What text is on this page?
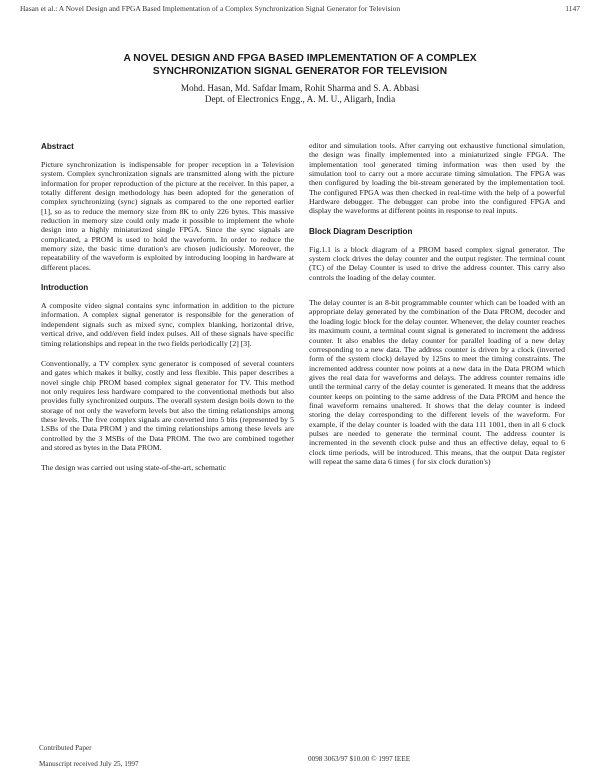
Hasan et al.: A Novel Design and FPGA Based Implementation of a Complex Synchronization Signal Generator for Television	1147
A NOVEL DESIGN AND FPGA BASED IMPLEMENTATION OF A COMPLEX
SYNCHRONIZATION SIGNAL GENERATOR FOR TELEVISION
Mohd. Hasan, Md. Safdar Imam, Rohit Sharma and S. A. Abbasi
Dept. of Electronics Engg., A. M. U., Aligarh, India
Abstract

Picture synchronization is indispensable for proper reception in a Television system. Complex synchronization signals are transmitted along with the picture information for proper reproduction of the picture at the receiver. In this paper, a totally different design methodology has been adopted for the generation of complex synchronizing (sync) signals as compared to the one reported earlier [1], so as to reduce the memory size from 8K to only 226 bytes. This massive reduction in memory size could only made it possible to implement the whole design into a highly miniaturized single FPGA. Since the sync signals are complicated, a PROM is used to hold the waveform. In order to reduce the memory size, the basic time duration's are chosen judiciously. Moreover, the repeatability of the waveform is exploited by introducing looping in hardware at different places.

Introduction

A composite video signal contains sync information in addition to the picture information. A complex signal generator is responsible for the generation of independent signals such as mixed sync, complex blanking, horizontal drive, vertical drive, and odd/even field index pulses. All of these signals have specific timing relationships and repeat in the two fields periodically [2] [3].

Conventionally, a TV complex sync generator is composed of several counters and gates which makes it bulky, costly and less flexible. This paper describes a novel single chip PROM based complex signal generator for TV. This method not only requires less hardware compared to the conventional methods but also provides fully synchronized outputs. The overall system design boils down to the storage of not only the waveform levels but also the timing relationships among these levels. The five complex signals are converted into 5 bits (represented by 5 LSBs of the Data PROM ) and the timing relationships among these levels are controlled by the 3 MSBs of the Data PROM. The two are combined together and stored as bytes in the Data PROM.

The design was carried out using state-of-the-art, schematic

editor and simulation tools. After carrying out exhaustive functional simulation, the design was finally implemented into a miniaturized single FPGA. The implementation tool generated timing information was then used by the simulation tool to carry out a more accurate timing simulation. The FPGA was then configured by loading the bit-stream generated by the implementation tool. The configured FPGA was then checked in real-time with the help of a powerful Hardware debugger. The debugger can probe into the configured FPGA and display the waveforms at different points in response to real inputs.

Block Diagram Description

Fig.1.1 is a block diagram of a PROM based complex signal generator. The system clock drives the delay counter and the output register. The terminal count (TC) of the Delay Counter is used to drive the address counter. This carry also controls the loading of the delay counter.

The delay counter is an 8-bit programmable counter which can be loaded with an appropriate delay generated by the combination of the Data PROM, decoder and the loading logic block for the delay counter. Whenever, the delay counter reaches its maximum count, a terminal count signal is generated to increment the address counter. It also enables the delay counter for parallel loading of a new delay corresponding to a new data. The address counter is driven by a clock (inverted form of the system clock) delayed by 125ns to meet the timing constraints. The incremented address counter now points at a new data in the Data PROM which gives the real data for waveforms and delays. The address counter remains idle until the terminal carry of the delay counter is generated. It means that the address counter keeps on pointing to the same address of the Data PROM and hence the final waveform remains unaltered. It shows that the delay counter is indeed storing the delay corresponding to the different levels of the waveform. For example, if the delay counter is loaded with the data 111 1001, then in all 6 clock pulses are needed to generate the terminal count. The address counter is incremented in the seventh clock pulse and thus an effective delay, equal to 6 clock time periods, will be introduced. This means, that the output Data register will repeat the same data 6 times ( for six clock duration's)

Contributed Paper
Manuscript received July 25, 1997
0098 3063/97 $10.00 © 1997 IEEE
